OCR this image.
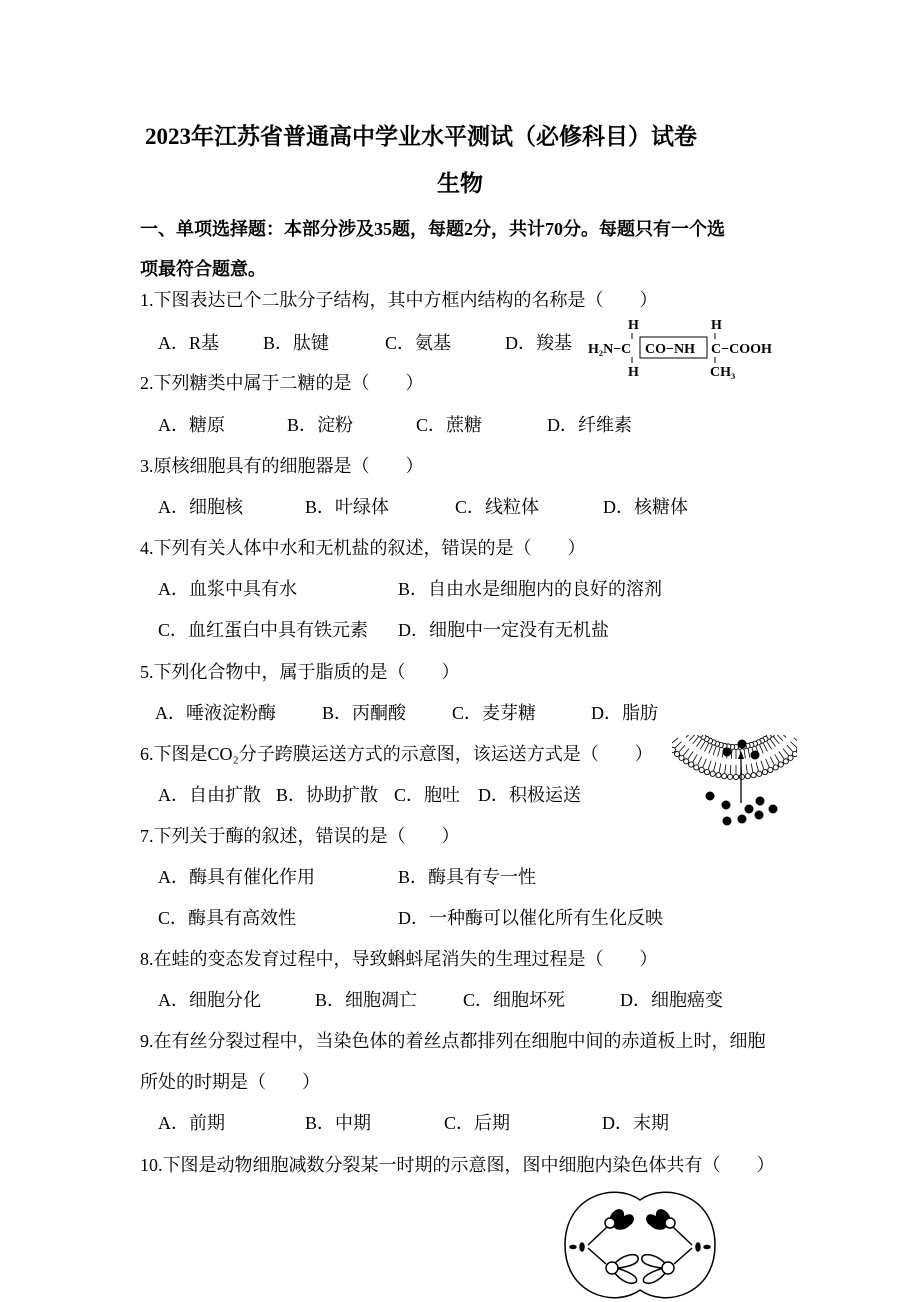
2023年江苏省普通高中学业水平测试（必修科目）试卷
生物
一、单项选择题：本部分涉及35题，每题2分，共计70分。每题只有一个选
项最符合题意。
1.下图表达已个二肽分子结构，其中方框内结构的名称是（　　）
A．R基 B．肽键	C．氨基	D．羧基
H
H₂N−C
H
CO−NH
H
C−COOH
CH₃
2.下列糖类中属于二糖的是（　　）
A．糖原	B．淀粉	C．蔗糖	D．纤维素
3.原核细胞具有的细胞器是（　　）
A．细胞核	B．叶绿体	C．线粒体	D．核糖体
4.下列有关人体中水和无机盐的叙述，错误的是（　　）
A．血浆中具有水	B．自由水是细胞内的良好的溶剂
C．血红蛋白中具有铁元素 D．细胞中一定没有无机盐
5.下列化合物中，属于脂质的是（　　）
A．唾液淀粉酶	B．丙酮酸	C．麦芽糖	D．脂肪
6.下图是CO₂分子跨膜运送方式的示意图，该运送方式是（　　）
A．自由扩散 B．协助扩散 C．胞吐 D．积极运送
7.下列关于酶的叙述，错误的是（　　）
A．酶具有催化作用	B．酶具有专一性
C．酶具有高效性	D．一种酶可以催化所有生化反映
8.在蛙的变态发育过程中，导致蝌蚪尾消失的生理过程是（　　）
A．细胞分化	B．细胞凋亡	C．细胞坏死	D．细胞癌变
9.在有丝分裂过程中，当染色体的着丝点都排列在细胞中间的赤道板上时，细胞
所处的时期是（　　）
A．前期	B．中期	C．后期	D．末期
10.下图是动物细胞减数分裂某一时期的示意图，图中细胞内染色体共有（　　）
